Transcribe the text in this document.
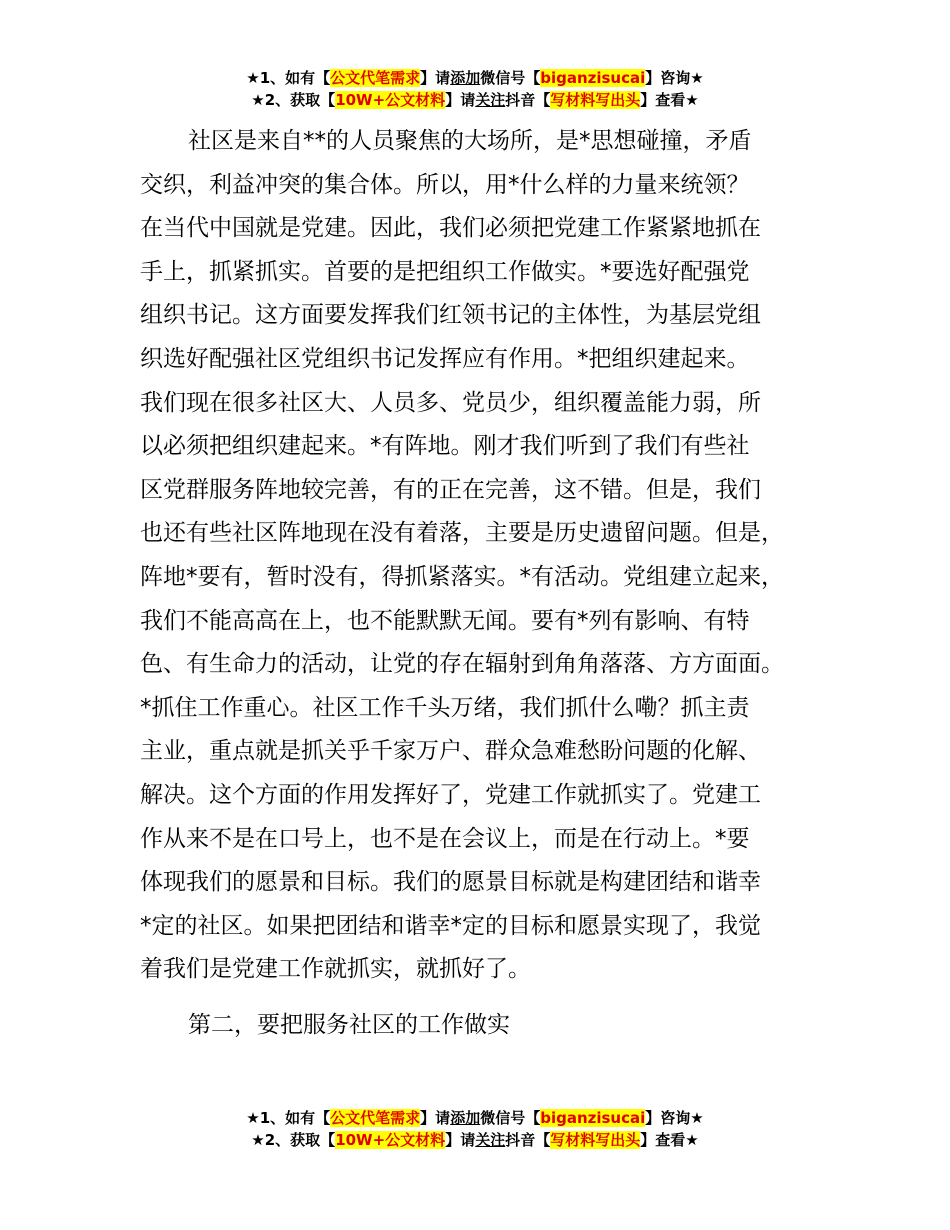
★1、如有【公文代笔需求】请添加微信号【biganzisucai】咨询★
★2、获取【10W+公文材料】请关注抖音【写材料写出头】查看★

社区是来自**的人员聚焦的大场所，是*思想碰撞，矛盾
交织，利益冲突的集合体。所以，用*什么样的力量来统领？
在当代中国就是党建。因此，我们必须把党建工作紧紧地抓在
手上，抓紧抓实。首要的是把组织工作做实。*要选好配强党
组织书记。这方面要发挥我们红领书记的主体性，为基层党组
织选好配强社区党组织书记发挥应有作用。*把组织建起来。
我们现在很多社区大、人员多、党员少，组织覆盖能力弱，所
以必须把组织建起来。*有阵地。刚才我们听到了我们有些社
区党群服务阵地较完善，有的正在完善，这不错。但是，我们
也还有些社区阵地现在没有着落，主要是历史遗留问题。但是，
阵地*要有，暂时没有，得抓紧落实。*有活动。党组建立起来，
我们不能高高在上，也不能默默无闻。要有*列有影响、有特
色、有生命力的活动，让党的存在辐射到角角落落、方方面面。
*抓住工作重心。社区工作千头万绪，我们抓什么嘞？抓主责
主业，重点就是抓关乎千家万户、群众急难愁盼问题的化解、
解决。这个方面的作用发挥好了，党建工作就抓实了。党建工
作从来不是在口号上，也不是在会议上，而是在行动上。*要
体现我们的愿景和目标。我们的愿景目标就是构建团结和谐幸
*定的社区。如果把团结和谐幸*定的目标和愿景实现了，我觉
着我们是党建工作就抓实，就抓好了。

第二，要把服务社区的工作做实

★1、如有【公文代笔需求】请添加微信号【biganzisucai】咨询★
★2、获取【10W+公文材料】请关注抖音【写材料写出头】查看★
